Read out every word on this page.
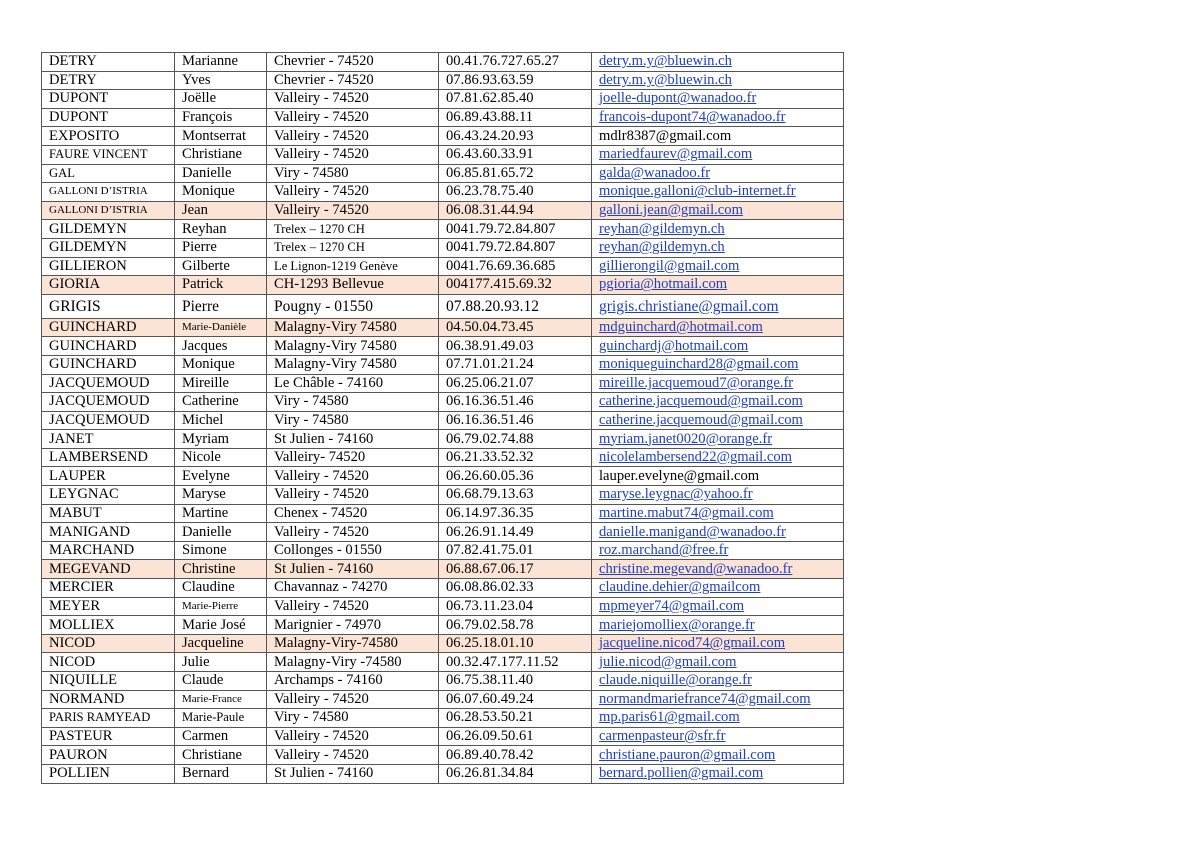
DETRY	Marianne	Chevrier - 74520	00.41.76.727.65.27	detry.m.y@bluewin.ch
DETRY	Yves	Chevrier - 74520	07.86.93.63.59	detry.m.y@bluewin.ch
DUPONT	Joëlle	Valleiry - 74520	07.81.62.85.40	joelle-dupont@wanadoo.fr
DUPONT	François	Valleiry - 74520	06.89.43.88.11	francois-dupont74@wanadoo.fr
EXPOSITO	Montserrat	Valleiry - 74520	06.43.24.20.93	mdlr8387@gmail.com
FAURE VINCENT	Christiane	Valleiry - 74520	06.43.60.33.91	mariedfaurev@gmail.com
GAL	Danielle	Viry - 74580	06.85.81.65.72	galda@wanadoo.fr
GALLONI D’ISTRIA	Monique	Valleiry - 74520	06.23.78.75.40	monique.galloni@club-internet.fr
GALLONI D’ISTRIA	Jean	Valleiry - 74520	06.08.31.44.94	galloni.jean@gmail.com
GILDEMYN	Reyhan	Trelex – 1270 CH	0041.79.72.84.807	reyhan@gildemyn.ch
GILDEMYN	Pierre	Trelex – 1270 CH	0041.79.72.84.807	reyhan@gildemyn.ch
GILLIERON	Gilberte	Le Lignon-1219 Genève	0041.76.69.36.685	gillierongil@gmail.com
GIORIA	Patrick	CH-1293 Bellevue	004177.415.69.32	pgioria@hotmail.com
GRIGIS	Pierre	Pougny - 01550	07.88.20.93.12	grigis.christiane@gmail.com
GUINCHARD	Marie-Danièle	Malagny-Viry 74580	04.50.04.73.45	mdguinchard@hotmail.com
GUINCHARD	Jacques	Malagny-Viry 74580	06.38.91.49.03	guinchardj@hotmail.com
GUINCHARD	Monique	Malagny-Viry 74580	07.71.01.21.24	moniqueguinchard28@gmail.com
JACQUEMOUD	Mireille	Le Châble - 74160	06.25.06.21.07	mireille.jacquemoud7@orange.fr
JACQUEMOUD	Catherine	Viry - 74580	06.16.36.51.46	catherine.jacquemoud@gmail.com
JACQUEMOUD	Michel	Viry - 74580	06.16.36.51.46	catherine.jacquemoud@gmail.com
JANET	Myriam	St Julien - 74160	06.79.02.74.88	myriam.janet0020@orange.fr
LAMBERSEND	Nicole	Valleiry- 74520	06.21.33.52.32	nicolelambersend22@gmail.com
LAUPER	Evelyne	Valleiry - 74520	06.26.60.05.36	lauper.evelyne@gmail.com
LEYGNAC	Maryse	Valleiry - 74520	06.68.79.13.63	maryse.leygnac@yahoo.fr
MABUT	Martine	Chenex - 74520	06.14.97.36.35	martine.mabut74@gmail.com
MANIGAND	Danielle	Valleiry - 74520	06.26.91.14.49	danielle.manigand@wanadoo.fr
MARCHAND	Simone	Collonges - 01550	07.82.41.75.01	roz.marchand@free.fr
MEGEVAND	Christine	St Julien - 74160	06.88.67.06.17	christine.megevand@wanadoo.fr
MERCIER	Claudine	Chavannaz - 74270	06.08.86.02.33	claudine.dehier@gmailcom
MEYER	Marie-Pierre	Valleiry - 74520	06.73.11.23.04	mpmeyer74@gmail.com
MOLLIEX	Marie José	Marignier - 74970	06.79.02.58.78	mariejomolliex@orange.fr
NICOD	Jacqueline	Malagny-Viry-74580	06.25.18.01.10	jacqueline.nicod74@gmail.com
NICOD	Julie	Malagny-Viry -74580	00.32.47.177.11.52	julie.nicod@gmail.com
NIQUILLE	Claude	Archamps - 74160	06.75.38.11.40	claude.niquille@orange.fr
NORMAND	Marie-France	Valleiry - 74520	06.07.60.49.24	normandmariefrance74@gmail.com
PARIS RAMYEAD	Marie-Paule	Viry - 74580	06.28.53.50.21	mp.paris61@gmail.com
PASTEUR	Carmen	Valleiry - 74520	06.26.09.50.61	carmenpasteur@sfr.fr
PAURON	Christiane	Valleiry - 74520	06.89.40.78.42	christiane.pauron@gmail.com
POLLIEN	Bernard	St Julien - 74160	06.26.81.34.84	bernard.pollien@gmail.com
